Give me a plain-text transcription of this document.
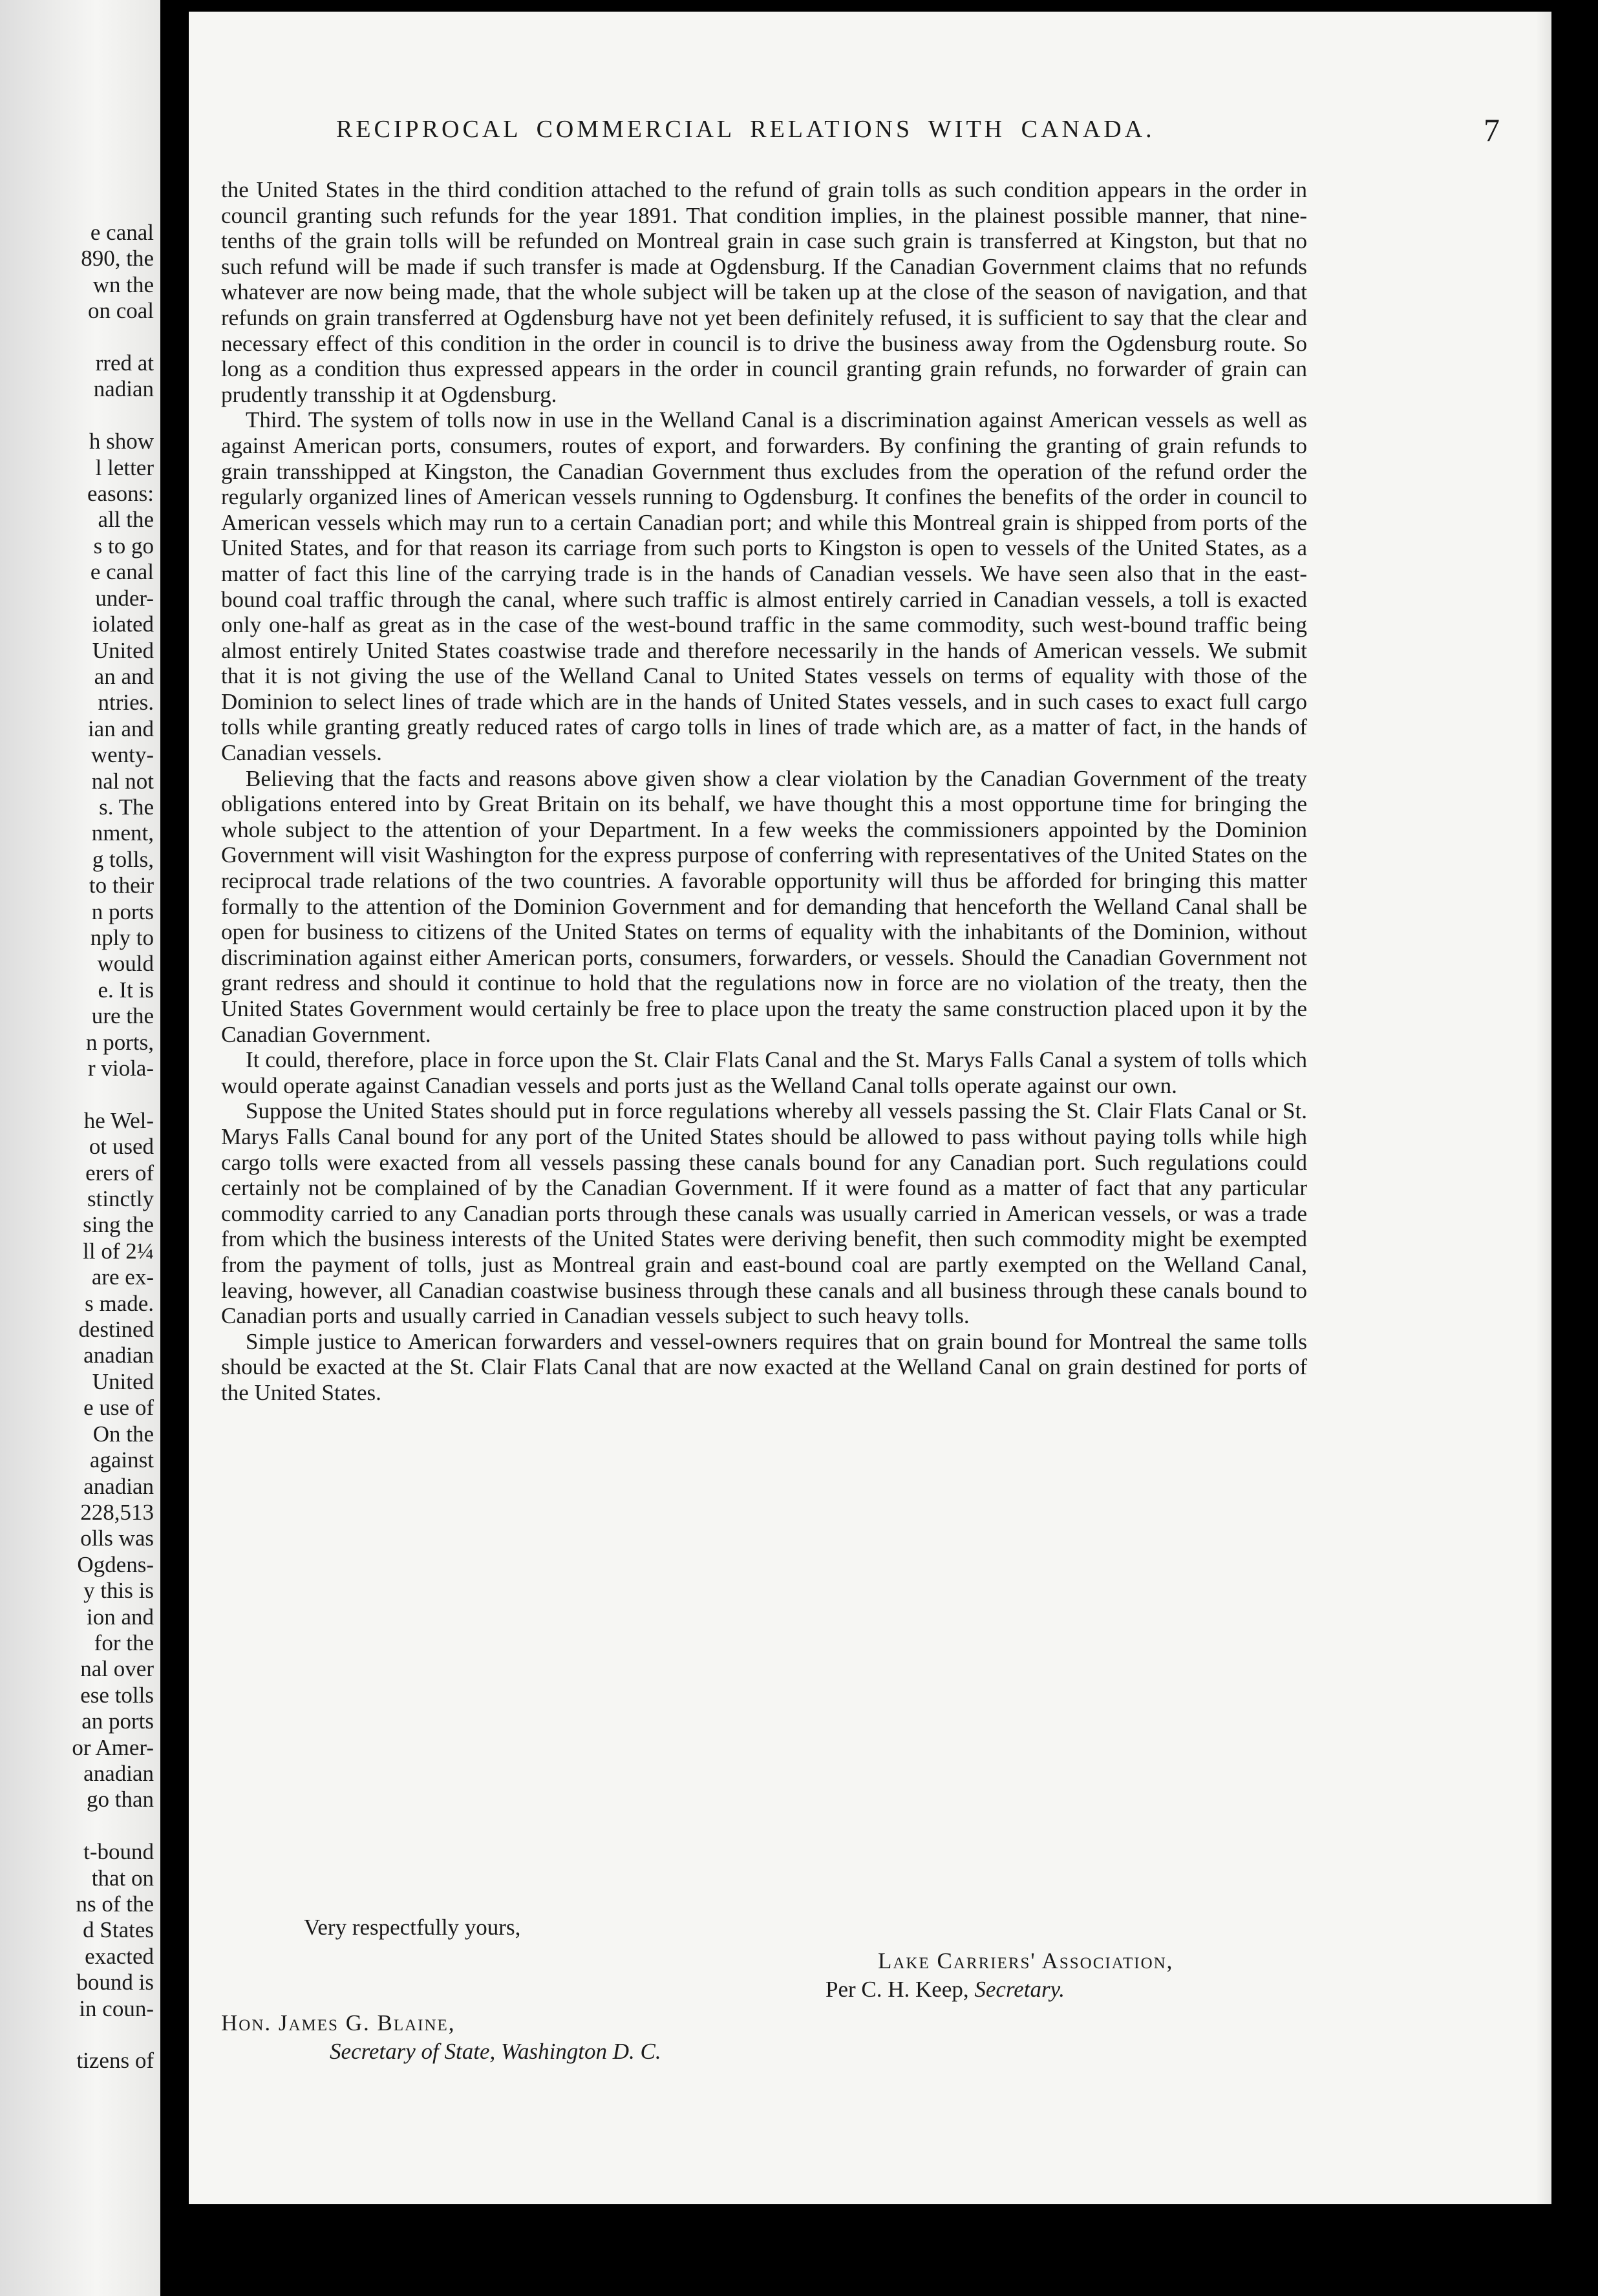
e canal
890, the
wn the
on coal

rred at
nadian

h show
l letter
easons:
all the
s to go
e canal
under-
iolated
United
an and
ntries.
ian and
wenty-
nal not
s. The
nment,
g tolls,
to their
n ports
nply to
would
e. It is
ure the
n ports,
r viola-

he Wel-
ot used
erers of
stinctly
sing the
ll of 2¼
are ex-
s made.
destined
anadian
United
e use of
On the
against
anadian
228,513
olls was
Ogdens-
y this is
ion and
for the
nal over
ese tolls
an ports
or Amer-
anadian
go than

t-bound
that on
ns of the
d States
exacted
bound is
in coun-

tizens of
RECIPROCAL COMMERCIAL RELATIONS WITH CANADA.	7

the United States in the third condition attached to the refund of grain tolls as such condition appears in the order in council granting such refunds for the year 1891. That condition implies, in the plainest possible manner, that nine-tenths of the grain tolls will be refunded on Montreal grain in case such grain is transferred at Kingston, but that no such refund will be made if such transfer is made at Ogdensburg. If the Canadian Government claims that no refunds whatever are now being made, that the whole subject will be taken up at the close of the season of navigation, and that refunds on grain transferred at Ogdensburg have not yet been definitely refused, it is sufficient to say that the clear and necessary effect of this condition in the order in council is to drive the business away from the Ogdensburg route. So long as a condition thus expressed appears in the order in council granting grain refunds, no forwarder of grain can prudently transship it at Ogdensburg.

Third. The system of tolls now in use in the Welland Canal is a discrimination against American vessels as well as against American ports, consumers, routes of export, and forwarders. By confining the granting of grain refunds to grain transshipped at Kingston, the Canadian Government thus excludes from the operation of the refund order the regularly organized lines of American vessels running to Ogdensburg. It confines the benefits of the order in council to American vessels which may run to a certain Canadian port; and while this Montreal grain is shipped from ports of the United States, and for that reason its carriage from such ports to Kingston is open to vessels of the United States, as a matter of fact this line of the carrying trade is in the hands of Canadian vessels. We have seen also that in the east-bound coal traffic through the canal, where such traffic is almost entirely carried in Canadian vessels, a toll is exacted only one-half as great as in the case of the west-bound traffic in the same commodity, such west-bound traffic being almost entirely United States coastwise trade and therefore necessarily in the hands of American vessels. We submit that it is not giving the use of the Welland Canal to United States vessels on terms of equality with those of the Dominion to select lines of trade which are in the hands of United States vessels, and in such cases to exact full cargo tolls while granting greatly reduced rates of cargo tolls in lines of trade which are, as a matter of fact, in the hands of Canadian vessels.

Believing that the facts and reasons above given show a clear violation by the Canadian Government of the treaty obligations entered into by Great Britain on its behalf, we have thought this a most opportune time for bringing the whole subject to the attention of your Department. In a few weeks the commissioners appointed by the Dominion Government will visit Washington for the express purpose of conferring with representatives of the United States on the reciprocal trade relations of the two countries. A favorable opportunity will thus be afforded for bringing this matter formally to the attention of the Dominion Government and for demanding that henceforth the Welland Canal shall be open for business to citizens of the United States on terms of equality with the inhabitants of the Dominion, without discrimination against either American ports, consumers, forwarders, or vessels. Should the Canadian Government not grant redress and should it continue to hold that the regulations now in force are no violation of the treaty, then the United States Government would certainly be free to place upon the treaty the same construction placed upon it by the Canadian Government.

It could, therefore, place in force upon the St. Clair Flats Canal and the St. Marys Falls Canal a system of tolls which would operate against Canadian vessels and ports just as the Welland Canal tolls operate against our own.

Suppose the United States should put in force regulations whereby all vessels passing the St. Clair Flats Canal or St. Marys Falls Canal bound for any port of the United States should be allowed to pass without paying tolls while high cargo tolls were exacted from all vessels passing these canals bound for any Canadian port. Such regulations could certainly not be complained of by the Canadian Government. If it were found as a matter of fact that any particular commodity carried to any Canadian ports through these canals was usually carried in American vessels, or was a trade from which the business interests of the United States were deriving benefit, then such commodity might be exempted from the payment of tolls, just as Montreal grain and east-bound coal are partly exempted on the Welland Canal, leaving, however, all Canadian coastwise business through these canals and all business through these canals bound to Canadian ports and usually carried in Canadian vessels subject to such heavy tolls.

Simple justice to American forwarders and vessel-owners requires that on grain bound for Montreal the same tolls should be exacted at the St. Clair Flats Canal that are now exacted at the Welland Canal on grain destined for ports of the United States.

Very respectfully yours,
Lake Carriers' Association,
Per C. H. Keep, Secretary.
Hon. James G. Blaine,
Secretary of State, Washington D. C.
